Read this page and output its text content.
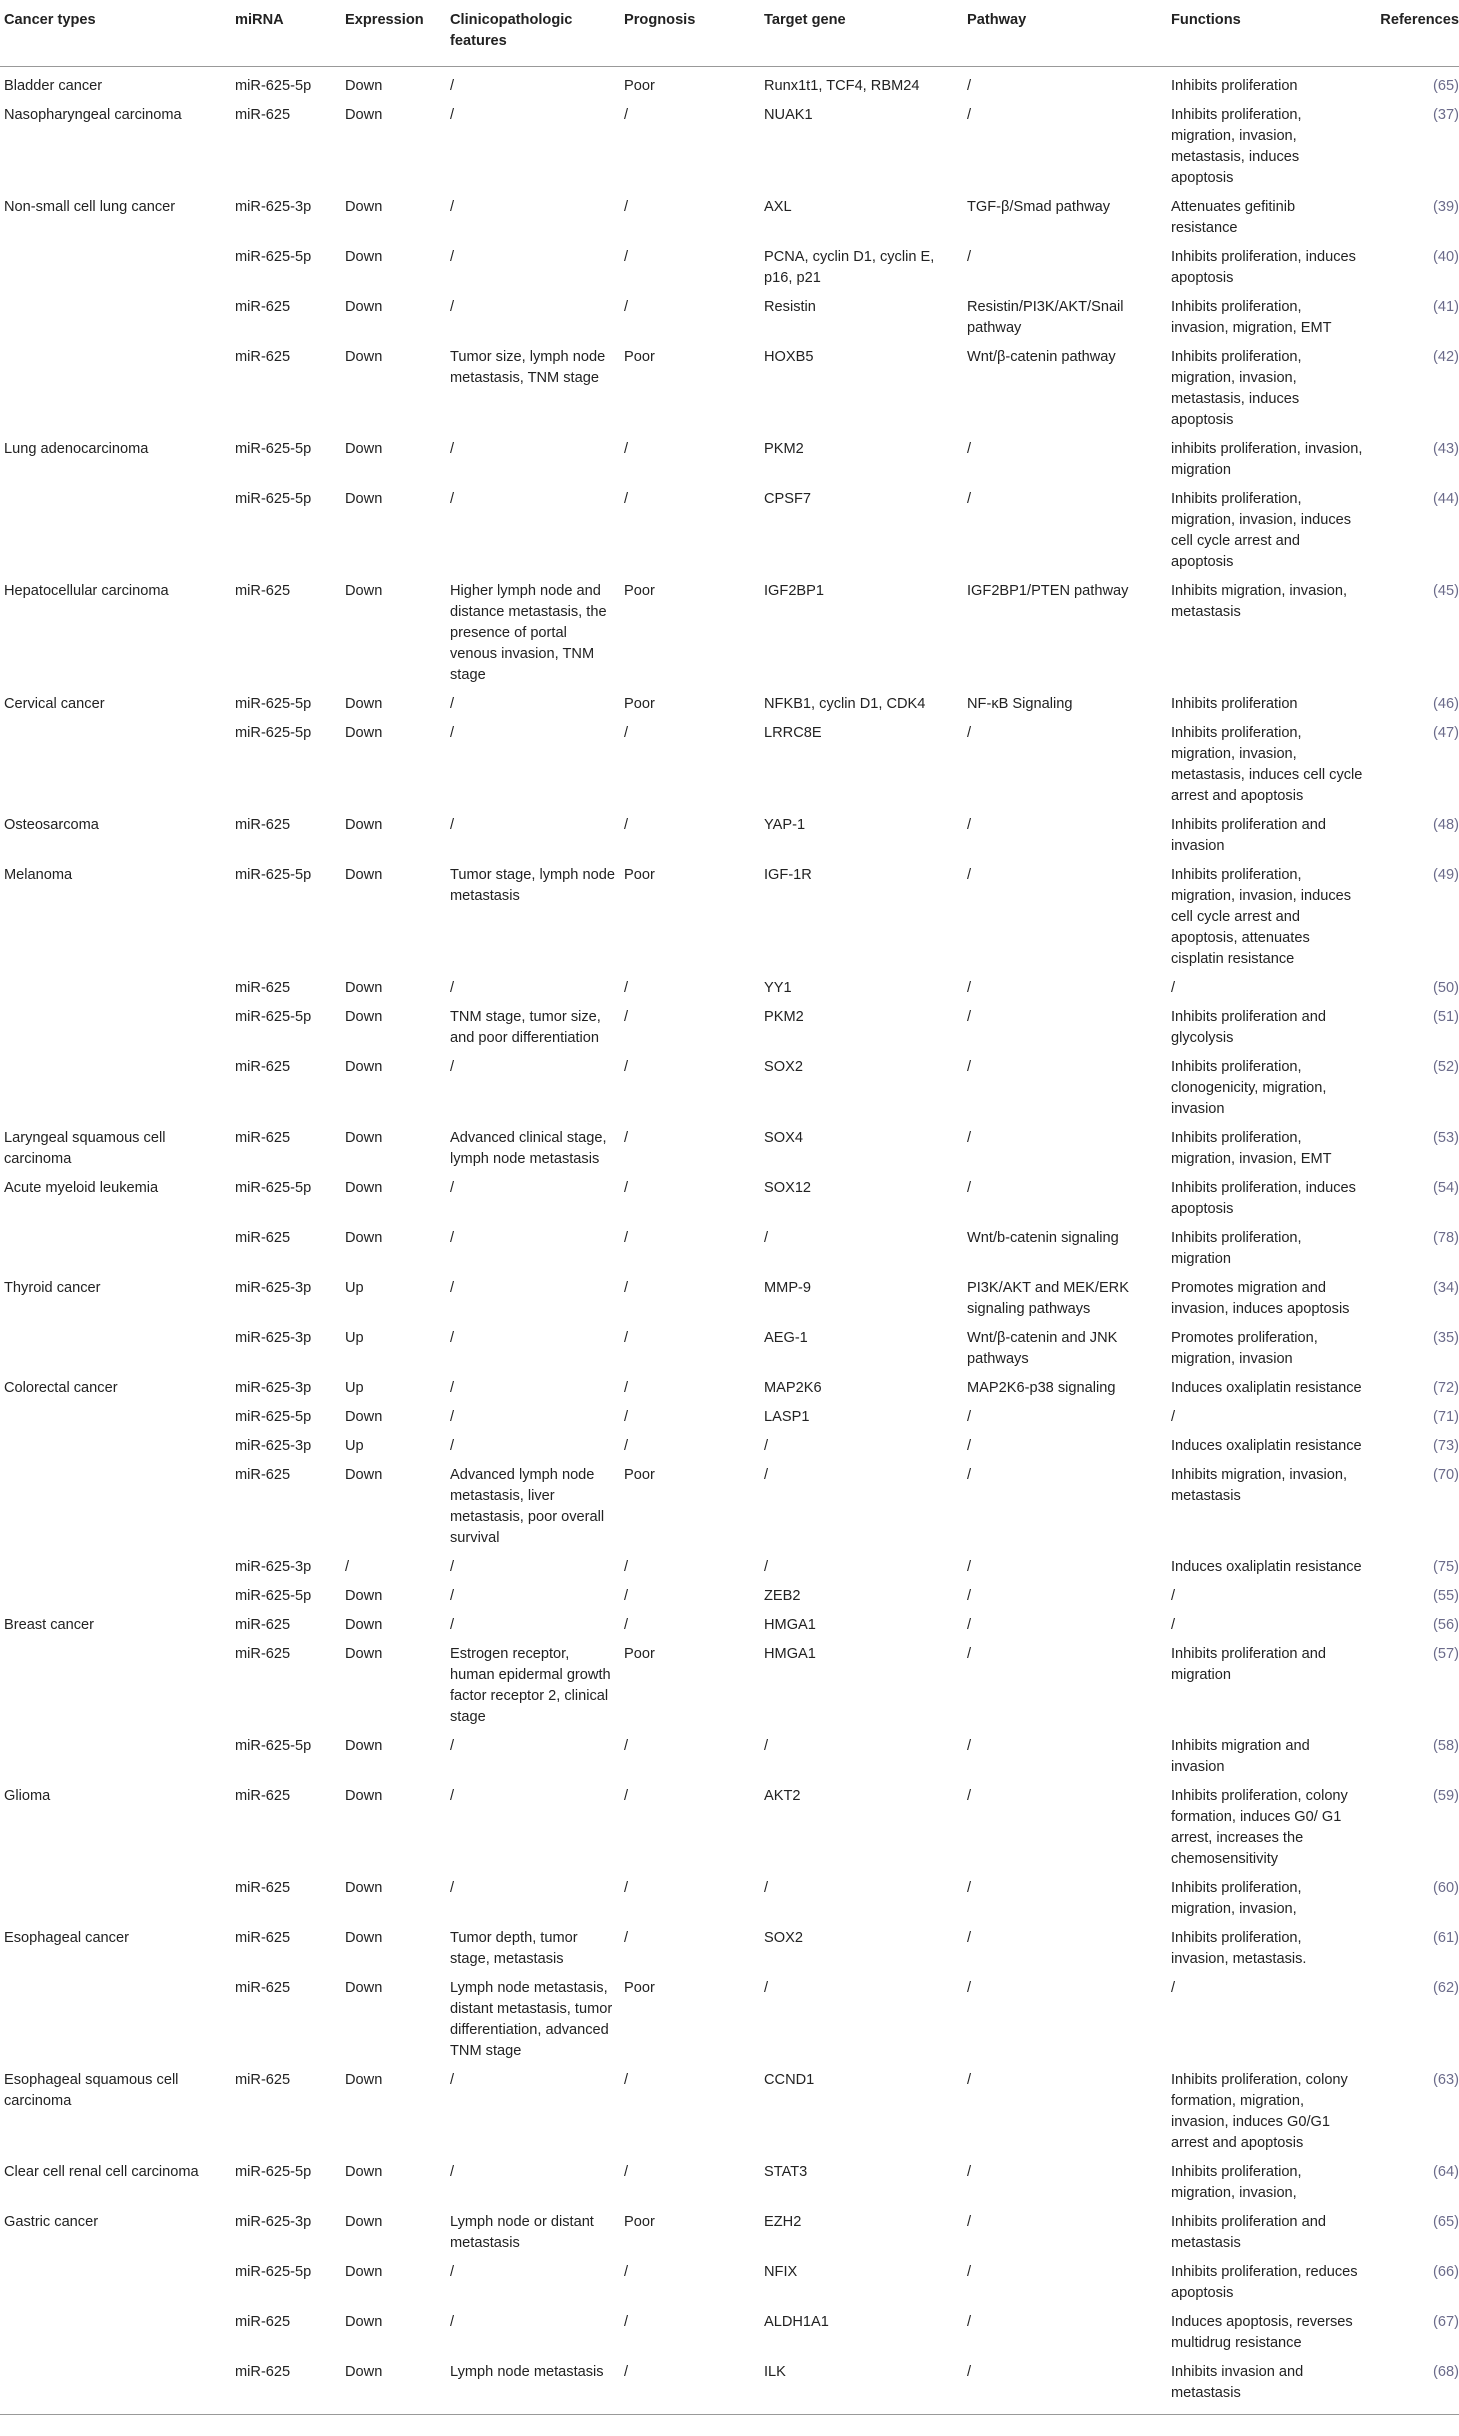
Cancer types	miRNA	Expression	Clinicopathologic features	Prognosis	Target gene	Pathway	Functions	References
Bladder cancer	miR-625-5p	Down	/	Poor	Runx1t1, TCF4, RBM24	/	Inhibits proliferation	(65)
Nasopharyngeal carcinoma	miR-625	Down	/	/	NUAK1	/	Inhibits proliferation, migration, invasion, metastasis, induces apoptosis	(37)
Non-small cell lung cancer	miR-625-3p	Down	/	/	AXL	TGF-β/Smad pathway	Attenuates gefitinib resistance	(39)
	miR-625-5p	Down	/	/	PCNA, cyclin D1, cyclin E, p16, p21	/	Inhibits proliferation, induces apoptosis	(40)
	miR-625	Down	/	/	Resistin	Resistin/PI3K/AKT/Snail pathway	Inhibits proliferation, invasion, migration, EMT	(41)
	miR-625	Down	Tumor size, lymph node metastasis, TNM stage	Poor	HOXB5	Wnt/β-catenin pathway	Inhibits proliferation, migration, invasion, metastasis, induces apoptosis	(42)
Lung adenocarcinoma	miR-625-5p	Down	/	/	PKM2	/	inhibits proliferation, invasion, migration	(43)
	miR-625-5p	Down	/	/	CPSF7	/	Inhibits proliferation, migration, invasion, induces cell cycle arrest and apoptosis	(44)
Hepatocellular carcinoma	miR-625	Down	Higher lymph node and distance metastasis, the presence of portal venous invasion, TNM stage	Poor	IGF2BP1	IGF2BP1/PTEN pathway	Inhibits migration, invasion, metastasis	(45)
Cervical cancer	miR-625-5p	Down	/	Poor	NFKB1, cyclin D1, CDK4	NF-κB Signaling	Inhibits proliferation	(46)
	miR-625-5p	Down	/	/	LRRC8E	/	Inhibits proliferation, migration, invasion, metastasis, induces cell cycle arrest and apoptosis	(47)
Osteosarcoma	miR-625	Down	/	/	YAP-1	/	Inhibits proliferation and invasion	(48)
Melanoma	miR-625-5p	Down	Tumor stage, lymph node metastasis	Poor	IGF-1R	/	Inhibits proliferation, migration, invasion, induces cell cycle arrest and apoptosis, attenuates cisplatin resistance	(49)
	miR-625	Down	/	/	YY1	/	/	(50)
	miR-625-5p	Down	TNM stage, tumor size, and poor differentiation	/	PKM2	/	Inhibits proliferation and glycolysis	(51)
	miR-625	Down	/	/	SOX2	/	Inhibits proliferation, clonogenicity, migration, invasion	(52)
Laryngeal squamous cell carcinoma	miR-625	Down	Advanced clinical stage, lymph node metastasis	/	SOX4	/	Inhibits proliferation, migration, invasion, EMT	(53)
Acute myeloid leukemia	miR-625-5p	Down	/	/	SOX12	/	Inhibits proliferation, induces apoptosis	(54)
	miR-625	Down	/	/	/	Wnt/b-catenin signaling	Inhibits proliferation, migration	(78)
Thyroid cancer	miR-625-3p	Up	/	/	MMP-9	PI3K/AKT and MEK/ERK signaling pathways	Promotes migration and invasion, induces apoptosis	(34)
	miR-625-3p	Up	/	/	AEG-1	Wnt/β-catenin and JNK pathways	Promotes proliferation, migration, invasion	(35)
Colorectal cancer	miR-625-3p	Up	/	/	MAP2K6	MAP2K6-p38 signaling	Induces oxaliplatin resistance	(72)
	miR-625-5p	Down	/	/	LASP1	/	/	(71)
	miR-625-3p	Up	/	/	/	/	Induces oxaliplatin resistance	(73)
	miR-625	Down	Advanced lymph node metastasis, liver metastasis, poor overall survival	Poor	/	/	Inhibits migration, invasion, metastasis	(70)
	miR-625-3p	/	/	/	/	/	Induces oxaliplatin resistance	(75)
	miR-625-5p	Down	/	/	ZEB2	/	/	(55)
Breast cancer	miR-625	Down	/	/	HMGA1	/	/	(56)
	miR-625	Down	Estrogen receptor, human epidermal growth factor receptor 2, clinical stage	Poor	HMGA1	/	Inhibits proliferation and migration	(57)
	miR-625-5p	Down	/	/	/	/	Inhibits migration and invasion	(58)
Glioma	miR-625	Down	/	/	AKT2	/	Inhibits proliferation, colony formation, induces G0/ G1 arrest, increases the chemosensitivity	(59)
	miR-625	Down	/	/	/	/	Inhibits proliferation, migration, invasion,	(60)
Esophageal cancer	miR-625	Down	Tumor depth, tumor stage, metastasis	/	SOX2	/	Inhibits proliferation, invasion, metastasis.	(61)
	miR-625	Down	Lymph node metastasis, distant metastasis, tumor differentiation, advanced TNM stage	Poor	/	/	/	(62)
Esophageal squamous cell carcinoma	miR-625	Down	/	/	CCND1	/	Inhibits proliferation, colony formation, migration, invasion, induces G0/G1 arrest and apoptosis	(63)
Clear cell renal cell carcinoma	miR-625-5p	Down	/	/	STAT3	/	Inhibits proliferation, migration, invasion,	(64)
Gastric cancer	miR-625-3p	Down	Lymph node or distant metastasis	Poor	EZH2	/	Inhibits proliferation and metastasis	(65)
	miR-625-5p	Down	/	/	NFIX	/	Inhibits proliferation, reduces apoptosis	(66)
	miR-625	Down	/	/	ALDH1A1	/	Induces apoptosis, reverses multidrug resistance	(67)
	miR-625	Down	Lymph node metastasis	/	ILK	/	Inhibits invasion and metastasis	(68)
